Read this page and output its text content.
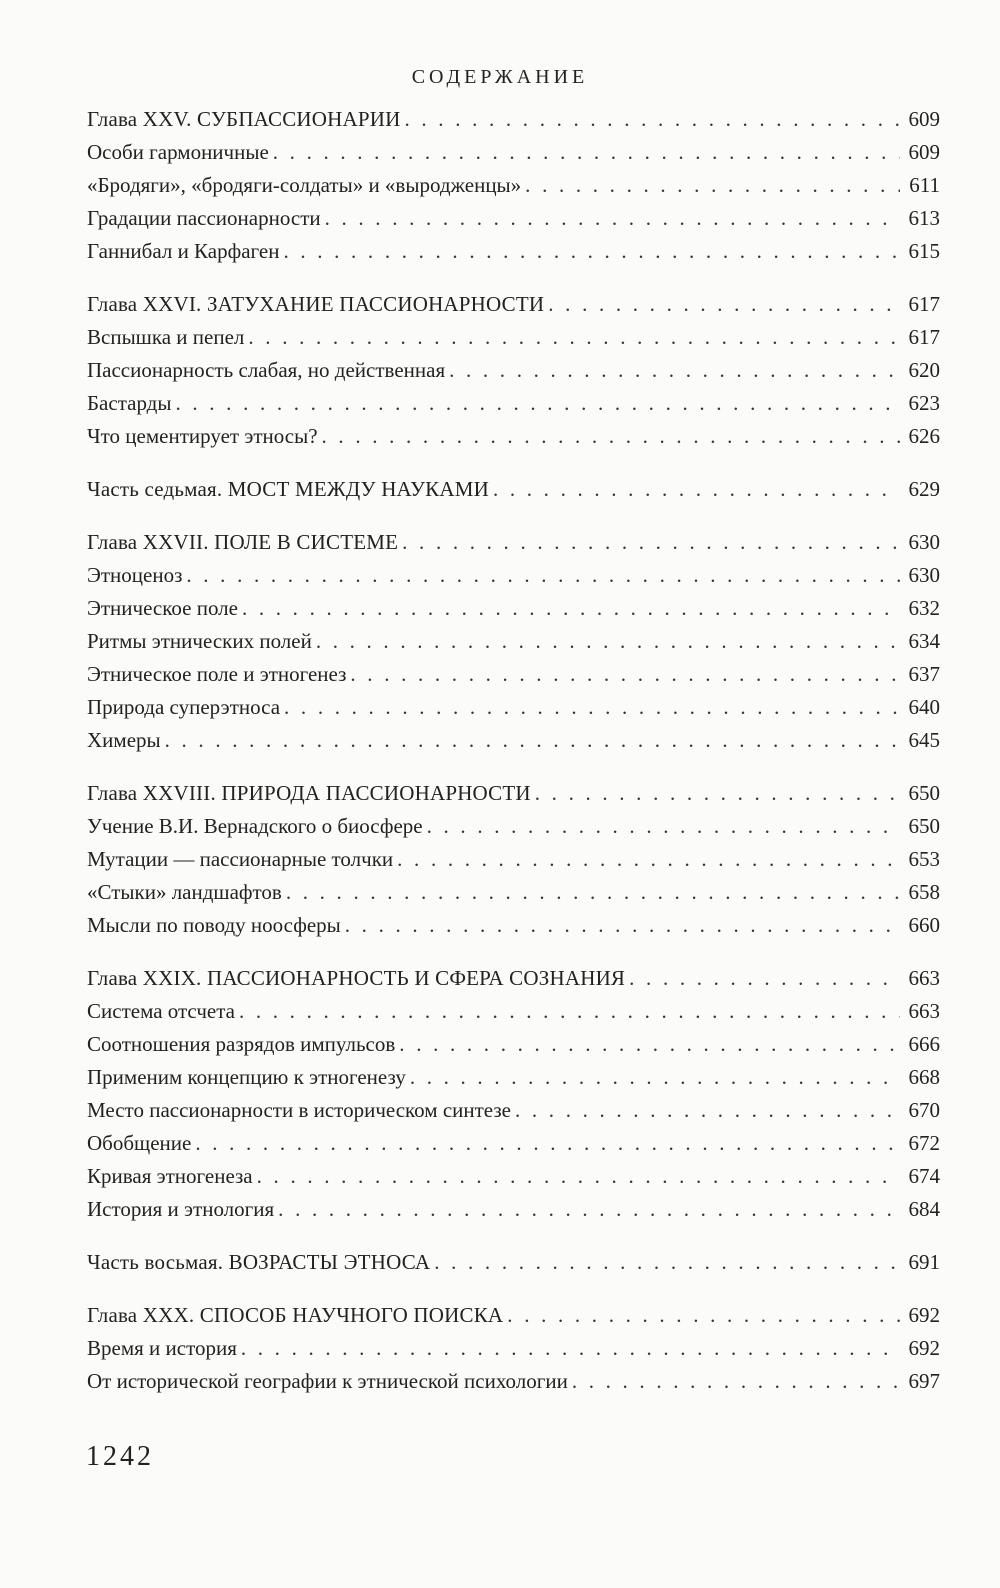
СОДЕРЖАНИЕ
Глава XXV. СУБПАССИОНАРИИ . . .	609
Особи гармоничные . . .	609
«Бродяги», «бродяги-солдаты» и «выродженцы» . . .	611
Градации пассионарности . . .	613
Ганнибал и Карфаген . . .	615
Глава XXVI. ЗАТУХАНИЕ ПАССИОНАРНОСТИ . . .	617
Вспышка и пепел . . .	617
Пассионарность слабая, но действенная . . .	620
Бастарды . . .	623
Что цементирует этносы? . . .	626
Часть седьмая. МОСТ МЕЖДУ НАУКАМИ . . .	629
Глава XXVII. ПОЛЕ В СИСТЕМЕ . . .	630
Этноценоз . . .	630
Этническое поле . . .	632
Ритмы этнических полей . . .	634
Этническое поле и этногенез . . .	637
Природа суперэтноса . . .	640
Химеры . . .	645
Глава XXVIII. ПРИРОДА ПАССИОНАРНОСТИ . . .	650
Учение В.И. Вернадского о биосфере . . .	650
Мутации — пассионарные толчки . . .	653
«Стыки» ландшафтов . . .	658
Мысли по поводу ноосферы . . .	660
Глава XXIX. ПАССИОНАРНОСТЬ И СФЕРА СОЗНАНИЯ . . .	663
Система отсчета . . .	663
Соотношения разрядов импульсов . . .	666
Применим концепцию к этногенезу . . .	668
Место пассионарности в историческом синтезе . . .	670
Обобщение . . .	672
Кривая этногенеза . . .	674
История и этнология . . .	684
Часть восьмая. ВОЗРАСТЫ ЭТНОСА . . .	691
Глава XXX. СПОСОБ НАУЧНОГО ПОИСКА . . .	692
Время и история . . .	692
От исторической географии к этнической психологии . . .	697
1242
